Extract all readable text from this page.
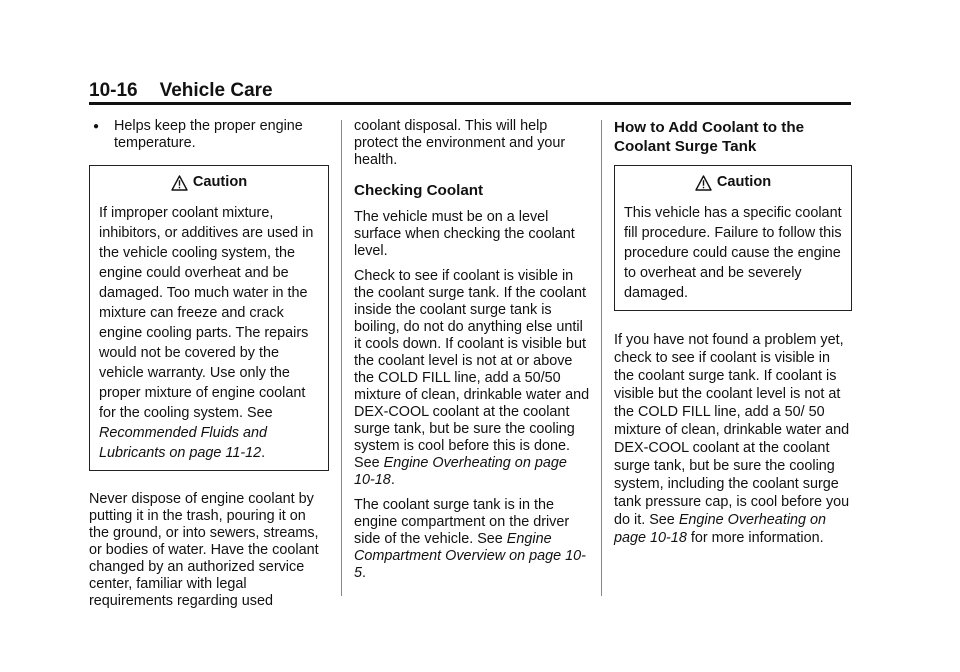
10-16 Vehicle Care
●	Helps keep the proper engine temperature.
Caution
If improper coolant mixture, inhibitors, or additives are used in the vehicle cooling system, the engine could overheat and be damaged. Too much water in the mixture can freeze and crack engine cooling parts. The repairs would not be covered by the vehicle warranty. Use only the proper mixture of engine coolant for the cooling system. See Recommended Fluids and Lubricants on page 11-12.

Never dispose of engine coolant by putting it in the trash, pouring it on the ground, or into sewers, streams, or bodies of water. Have the coolant changed by an authorized service center, familiar with legal requirements regarding used

coolant disposal. This will help protect the environment and your health.

Checking Coolant

The vehicle must be on a level surface when checking the coolant level.

Check to see if coolant is visible in the coolant surge tank. If the coolant inside the coolant surge tank is boiling, do not do anything else until it cools down. If coolant is visible but the coolant level is not at or above the COLD FILL line, add a 50/50 mixture of clean, drinkable water and DEX-COOL coolant at the coolant surge tank, but be sure the cooling system is cool before this is done. See Engine Overheating on page 10-18.

The coolant surge tank is in the engine compartment on the driver side of the vehicle. See Engine Compartment Overview on page 10-5.

How to Add Coolant to the Coolant Surge Tank
Caution
This vehicle has a specific coolant fill procedure. Failure to follow this procedure could cause the engine to overheat and be severely damaged.

If you have not found a problem yet, check to see if coolant is visible in the coolant surge tank. If coolant is visible but the coolant level is not at the COLD FILL line, add a 50/ 50 mixture of clean, drinkable water and DEX-COOL coolant at the coolant surge tank, but be sure the cooling system, including the coolant surge tank pressure cap, is cool before you do it. See Engine Overheating on page 10-18 for more information.
